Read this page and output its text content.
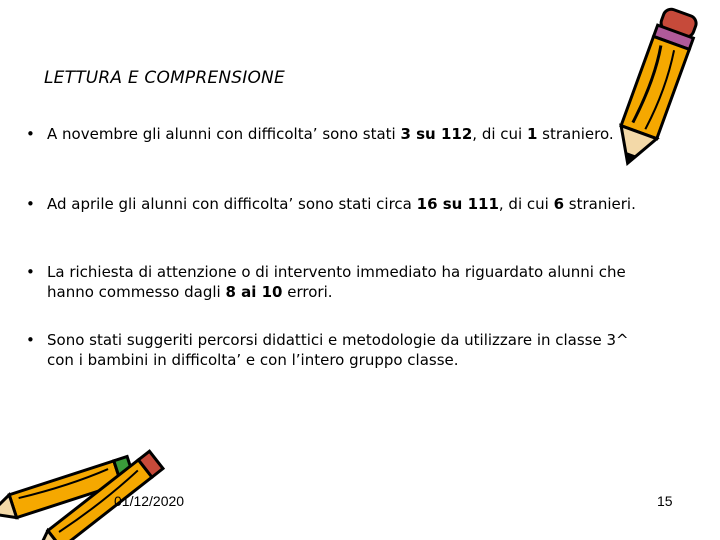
LETTURA E COMPRENSIONE
• A novembre gli alunni con difficolta’ sono stati 3 su 112, di cui 1 straniero.
• Ad aprile gli alunni con difficolta’ sono stati circa 16 su 111, di cui 6 stranieri.
• La richiesta di attenzione o di intervento immediato ha riguardato alunni che hanno commesso dagli 8 ai 10 errori.
• Sono stati suggeriti percorsi didattici e metodologie da utilizzare in classe 3^ con i bambini in difficolta’ e con l’intero gruppo classe.
01/12/2020	15
